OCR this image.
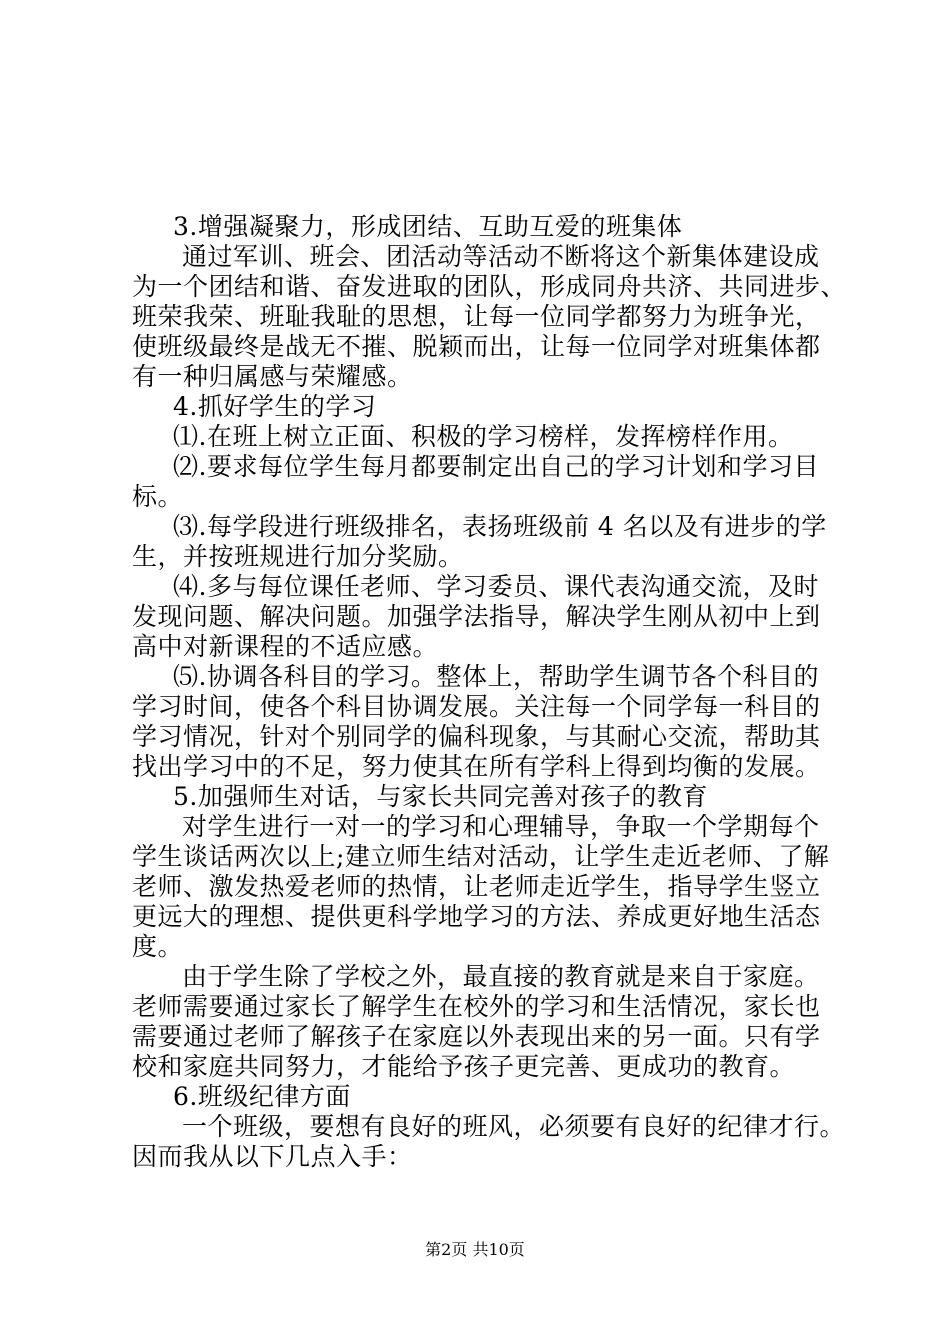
3.增强凝聚力，形成团结、互助互爱的班集体
通过军训、班会、团活动等活动不断将这个新集体建设成
为一个团结和谐、奋发进取的团队，形成同舟共济、共同进步、
班荣我荣、班耻我耻的思想，让每一位同学都努力为班争光，
使班级最终是战无不摧、脱颖而出，让每一位同学对班集体都
有一种归属感与荣耀感。
4.抓好学生的学习
⑴.在班上树立正面、积极的学习榜样，发挥榜样作用。
⑵.要求每位学生每月都要制定出自己的学习计划和学习目
标。
⑶.每学段进行班级排名，表扬班级前 4 名以及有进步的学
生，并按班规进行加分奖励。
⑷.多与每位课任老师、学习委员、课代表沟通交流，及时
发现问题、解决问题。加强学法指导，解决学生刚从初中上到
高中对新课程的不适应感。
⑸.协调各科目的学习。整体上，帮助学生调节各个科目的
学习时间，使各个科目协调发展。关注每一个同学每一科目的
学习情况，针对个别同学的偏科现象，与其耐心交流，帮助其
找出学习中的不足，努力使其在所有学科上得到均衡的发展。
5.加强师生对话，与家长共同完善对孩子的教育
对学生进行一对一的学习和心理辅导，争取一个学期每个
学生谈话两次以上;建立师生结对活动，让学生走近老师、了解
老师、激发热爱老师的热情，让老师走近学生，指导学生竖立
更远大的理想、提供更科学地学习的方法、养成更好地生活态
度。
由于学生除了学校之外，最直接的教育就是来自于家庭。
老师需要通过家长了解学生在校外的学习和生活情况，家长也
需要通过老师了解孩子在家庭以外表现出来的另一面。只有学
校和家庭共同努力，才能给予孩子更完善、更成功的教育。
6.班级纪律方面
一个班级，要想有良好的班风，必须要有良好的纪律才行。
因而我从以下几点入手：
第2页 共10页
